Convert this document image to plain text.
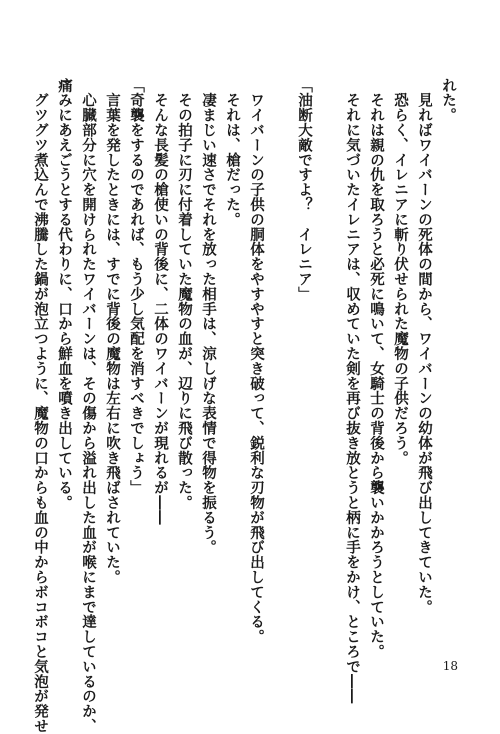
れた。
　見ればワイバーンの死体の間から、ワイバーンの幼体が飛び出してきていた。
　恐らく、イレニアに斬り伏せられた魔物の子供だろう。
　それは親の仇を取ろうと必死に鳴いて、女騎士の背後から襲いかかろうとしていた。
　それに気づいたイレニアは、収めていた剣を再び抜き放とうと柄に手をかけ、ところで――
「油断大敵ですよ？　イレニア」
　ワイバーンの子供の胴体をやすやすと突き破って、鋭利な刃物が飛び出してくる。
　それは、槍だった。
　凄まじい速さでそれを放った相手は、涼しげな表情で得物を振るう。
　その拍子に刃に付着していた魔物の血が、辺りに飛び散った。
　そんな長髪の槍使いの背後に、二体のワイバーンが現れるが――
「奇襲をするのであれば、もう少し気配を消すべきでしょう」
　言葉を発したときには、すでに背後の魔物は左右に吹き飛ばされていた。
　心臓部分に穴を開けられたワイバーンは、その傷から溢れ出した血が喉にまで達しているのか、
痛みにあえごうとする代わりに、口から鮮血を噴き出している。
　グツグツ煮込んで沸騰した鍋が泡立つように、魔物の口からも血の中からボコボコと気泡が発せ	18
